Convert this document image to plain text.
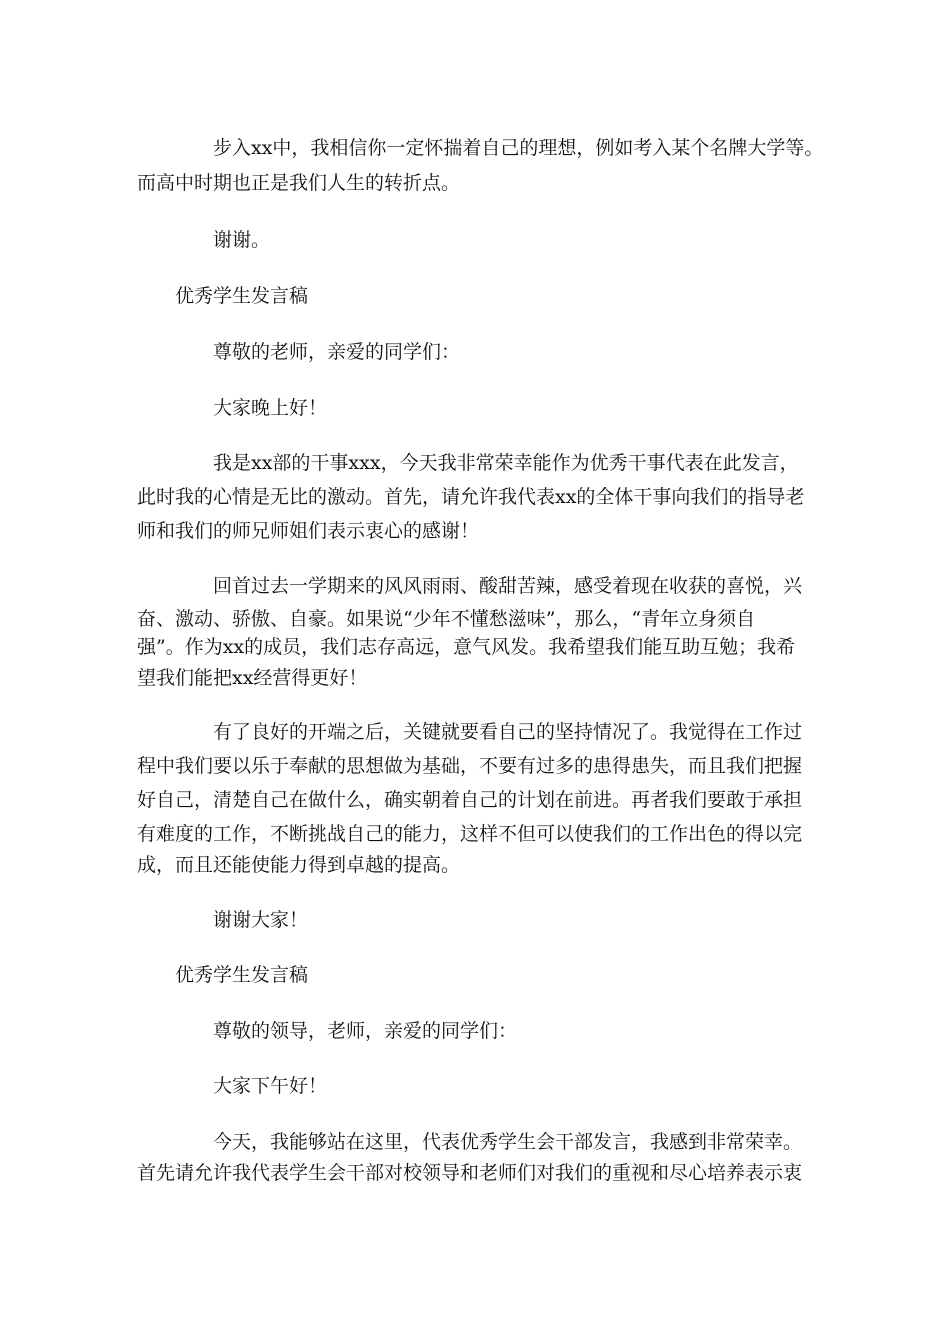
步入xx中，我相信你一定怀揣着自己的理想，例如考入某个名牌大学等。

而高中时期也正是我们人生的转折点。

谢谢。

优秀学生发言稿

尊敬的老师，亲爱的同学们：

大家晚上好！

我是xx部的干事xxx，今天我非常荣幸能作为优秀干事代表在此发言，

此时我的心情是无比的激动。首先，请允许我代表xx的全体干事向我们的指导老

师和我们的师兄师姐们表示衷心的感谢！

回首过去一学期来的风风雨雨、酸甜苦辣，感受着现在收获的喜悦，兴

奋、激动、骄傲、自豪。如果说“少年不懂愁滋味”，那么，“青年立身须自

强”。作为xx的成员，我们志存高远，意气风发。我希望我们能互助互勉；我希

望我们能把xx经营得更好！

有了良好的开端之后，关键就要看自己的坚持情况了。我觉得在工作过

程中我们要以乐于奉献的思想做为基础，不要有过多的患得患失，而且我们把握

好自己，清楚自己在做什么，确实朝着自己的计划在前进。再者我们要敢于承担

有难度的工作，不断挑战自己的能力，这样不但可以使我们的工作出色的得以完

成，而且还能使能力得到卓越的提高。

谢谢大家！

优秀学生发言稿

尊敬的领导，老师，亲爱的同学们：

大家下午好！

今天，我能够站在这里，代表优秀学生会干部发言，我感到非常荣幸。

首先请允许我代表学生会干部对校领导和老师们对我们的重视和尽心培养表示衷
